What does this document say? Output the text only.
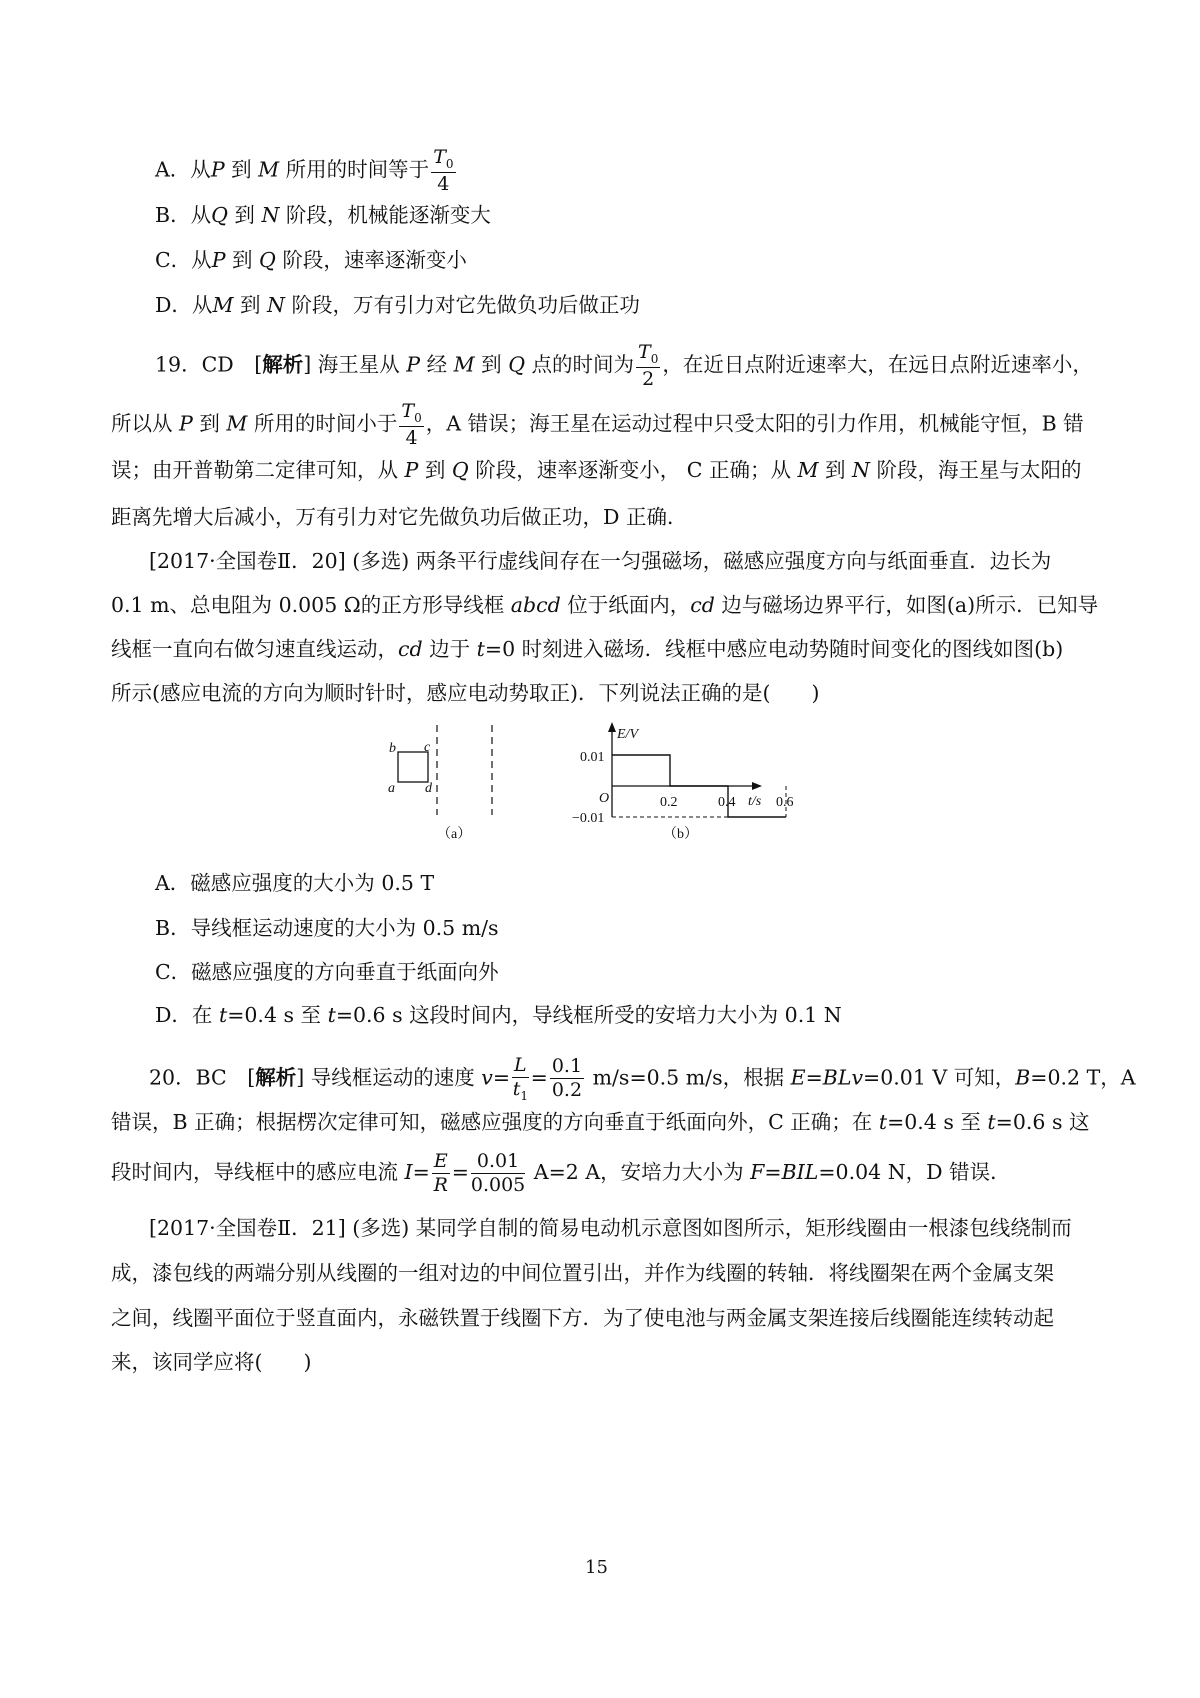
A．从P 到 M 所用的时间等于 $\frac{T_0}{4}$
B．从Q 到 N 阶段，机械能逐渐变大
C．从P 到 Q 阶段，速率逐渐变小
D．从M 到 N 阶段，万有引力对它先做负功后做正功
19．CD　[解析] 海王星从 P 经 M 到 Q 点的时间为 $\frac{T_0}{2}$ ，在近日点附近速率大，在远日点附近速率小，
所以从 P 到 M 所用的时间小于 $\frac{T_0}{4}$ ，A 错误；海王星在运动过程中只受太阳的引力作用，机械能守恒，B 错
误；由开普勒第二定律可知，从 P 到 Q 阶段，速率逐渐变小， C 正确；从 M 到 N 阶段，海王星与太阳的
距离先增大后减小，万有引力对它先做负功后做正功，D 正确．
[2017·全国卷Ⅱ．20] (多选) 两条平行虚线间存在一匀强磁场，磁感应强度方向与纸面垂直．边长为
0.1 m、总电阻为 0.005 Ω的正方形导线框 abcd 位于纸面内，cd 边与磁场边界平行，如图(a)所示．已知导
线框一直向右做匀速直线运动，cd 边于 t=0 时刻进入磁场．线框中感应电动势随时间变化的图线如图(b)
所示(感应电流的方向为顺时针时，感应电动势取正)．下列说法正确的是(　　)
b c
a d
（a）
E/V
t/s
O
0.01
−0.01
0.2	0.4	0.6
（b）
A．磁感应强度的大小为 0.5 T
B．导线框运动速度的大小为 0.5 m/s
C．磁感应强度的方向垂直于纸面向外
D．在 t=0.4 s 至 t=0.6 s 这段时间内，导线框所受的安培力大小为 0.1 N
20．BC　[解析] 导线框运动的速度 $v= \frac{L}{t_1} = \frac{0.1}{0.2} m/s=0.5$ m/s，根据 E=BLv=0.01 V 可知，B=0.2 T，A
错误，B 正确；根据楞次定律可知，磁感应强度的方向垂直于纸面向外，C 正确；在 t=0.4 s 至 t=0.6 s 这
段时间内，导线框中的感应电流 $I= \frac{E}{R} = \frac{0.01}{0.005} A=2$ A，安培力大小为 F=BIL=0.04 N，D 错误．
[2017·全国卷Ⅱ．21] (多选) 某同学自制的简易电动机示意图如图所示，矩形线圈由一根漆包线绕制而
成，漆包线的两端分别从线圈的一组对边的中间位置引出，并作为线圈的转轴．将线圈架在两个金属支架
之间，线圈平面位于竖直面内，永磁铁置于线圈下方．为了使电池与两金属支架连接后线圈能连续转动起
来，该同学应将(　　)
15
